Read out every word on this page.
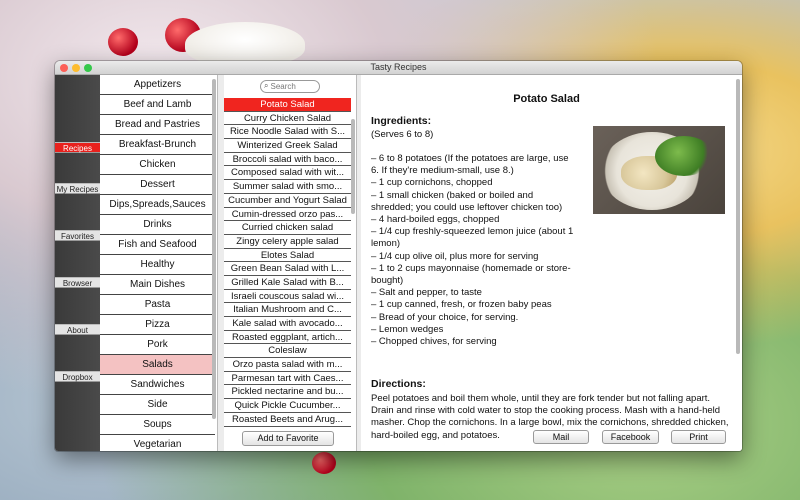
Tasty Recipes
Recipes
My Recipes
Favorites
Browser
About
Dropbox
Appetizers
Beef and Lamb
Bread and Pastries
Breakfast-Brunch
Chicken
Dessert
Dips,Spreads,Sauces
Drinks
Fish and Seafood
Healthy
Main Dishes
Pasta
Pizza
Pork
Salads
Sandwiches
Side
Soups
Vegetarian
⌕ Search
Potato Salad
Curry Chicken Salad
Rice Noodle Salad with S...
Winterized Greek Salad
Broccoli salad with baco...
Composed salad with wit...
Summer salad with smo...
Cucumber and Yogurt Salad
Cumin-dressed orzo pas...
Curried chicken salad
Zingy celery apple salad
Elotes Salad
Green Bean Salad with L...
Grilled Kale Salad with B...
Israeli couscous salad wi...
Italian Mushroom and C...
Kale salad with avocado...
Roasted eggplant, artich...
Coleslaw
Orzo pasta salad with m...
Parmesan tart with Caes...
Pickled nectarine and bu...
Quick Pickle Cucumber...
Roasted Beets and Arug...
Add to Favorite
Potato Salad
Ingredients:
(Serves 6 to 8)
– 6 to 8 potatoes (If the potatoes are large, use 6. If they're medium-small, use 8.)
– 1 cup cornichons, chopped
– 1 small chicken (baked or boiled and shredded; you could use leftover chicken too)
– 4 hard-boiled eggs, chopped
– 1/4 cup freshly-squeezed lemon juice (about 1 lemon)
– 1/4 cup olive oil, plus more for serving
– 1 to 2 cups mayonnaise (homemade or store-bought)
– Salt and pepper, to taste
– 1 cup canned, fresh, or frozen baby peas
– Bread of your choice, for serving.
– Lemon wedges
– Chopped chives, for serving
Directions:
Peel potatoes and boil them whole, until they are fork tender but not falling apart. Drain and rinse with cold water to stop the cooking process. Mash with a hand-held masher. Chop the cornichons. In a large bowl, mix the cornichons, shredded chicken, hard-boiled egg, and potatoes.	Mail	Facebook	Print
